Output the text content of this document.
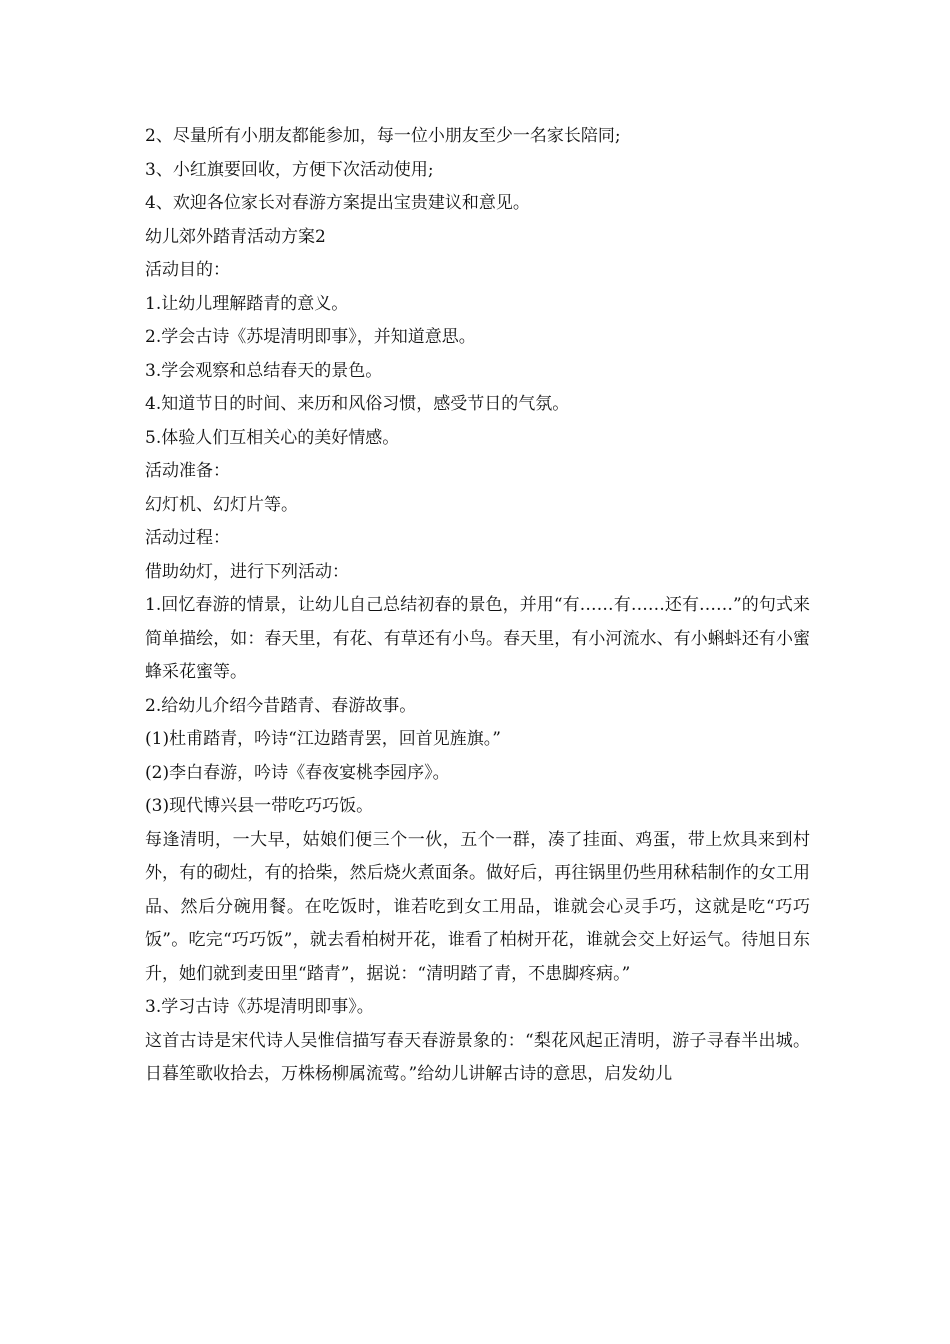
2、尽量所有小朋友都能参加，每一位小朋友至少一名家长陪同;

3、小红旗要回收，方便下次活动使用;

4、欢迎各位家长对春游方案提出宝贵建议和意见。

幼儿郊外踏青活动方案2

活动目的：

1.让幼儿理解踏青的意义。

2.学会古诗《苏堤清明即事》，并知道意思。

3.学会观察和总结春天的景色。

4.知道节日的时间、来历和风俗习惯，感受节日的气氛。

5.体验人们互相关心的美好情感。

活动准备：

幻灯机、幻灯片等。

活动过程：

借助幼灯，进行下列活动：

1.回忆春游的情景，让幼儿自己总结初春的景色，并用“有……有……还有……”的句式来简单描绘，如：春天里，有花、有草还有小鸟。春天里，有小河流水、有小蝌蚪还有小蜜蜂采花蜜等。

2.给幼儿介绍今昔踏青、春游故事。

(1)杜甫踏青，吟诗“江边踏青罢，回首见旌旗。”

(2)李白春游，吟诗《春夜宴桃李园序》。

(3)现代博兴县一带吃巧巧饭。

每逢清明，一大早，姑娘们便三个一伙，五个一群，凑了挂面、鸡蛋，带上炊具来到村外，有的砌灶，有的拾柴，然后烧火煮面条。做好后，再往锅里仍些用秫秸制作的女工用品、然后分碗用餐。在吃饭时，谁若吃到女工用品，谁就会心灵手巧，这就是吃“巧巧饭”。吃完“巧巧饭”，就去看柏树开花，谁看了柏树开花，谁就会交上好运气。待旭日东升，她们就到麦田里“踏青”，据说：“清明踏了青，不患脚疼病。”

3.学习古诗《苏堤清明即事》。

这首古诗是宋代诗人吴惟信描写春天春游景象的：“梨花风起正清明，游子寻春半出城。日暮笙歌收拾去，万株杨柳属流莺。”给幼儿讲解古诗的意思，启发幼儿
